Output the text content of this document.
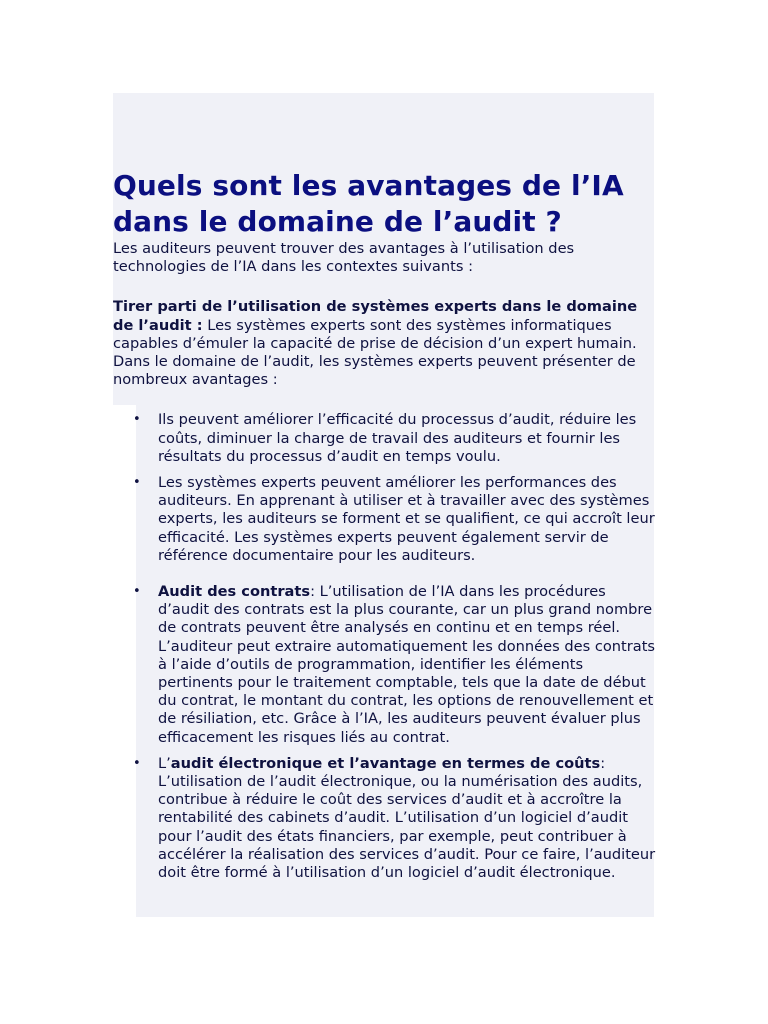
Quels sont les avantages de l’IA dans le domaine de l’audit ?

Les auditeurs peuvent trouver des avantages à l’utilisation des technologies de l’IA dans les contextes suivants :

Tirer parti de l’utilisation de systèmes experts dans le domaine de l’audit : Les systèmes experts sont des systèmes informatiques capables d’émuler la capacité de prise de décision d’un expert humain. Dans le domaine de l’audit, les systèmes experts peuvent présenter de nombreux avantages :

• Ils peuvent améliorer l’efficacité du processus d’audit, réduire les coûts, diminuer la charge de travail des auditeurs et fournir les résultats du processus d’audit en temps voulu.
• Les systèmes experts peuvent améliorer les performances des auditeurs. En apprenant à utiliser et à travailler avec des systèmes experts, les auditeurs se forment et se qualifient, ce qui accroît leur efficacité. Les systèmes experts peuvent également servir de référence documentaire pour les auditeurs.
• Audit des contrats: L’utilisation de l’IA dans les procédures d’audit des contrats est la plus courante, car un plus grand nombre de contrats peuvent être analysés en continu et en temps réel. L’auditeur peut extraire automatiquement les données des contrats à l’aide d’outils de programmation, identifier les éléments pertinents pour le traitement comptable, tels que la date de début du contrat, le montant du contrat, les options de renouvellement et de résiliation, etc. Grâce à l’IA, les auditeurs peuvent évaluer plus efficacement les risques liés au contrat.
• L’audit électronique et l’avantage en termes de coûts: L’utilisation de l’audit électronique, ou la numérisation des audits, contribue à réduire le coût des services d’audit et à accroître la rentabilité des cabinets d’audit. L’utilisation d’un logiciel d’audit pour l’audit des états financiers, par exemple, peut contribuer à accélérer la réalisation des services d’audit. Pour ce faire, l’auditeur doit être formé à l’utilisation d’un logiciel d’audit électronique.
